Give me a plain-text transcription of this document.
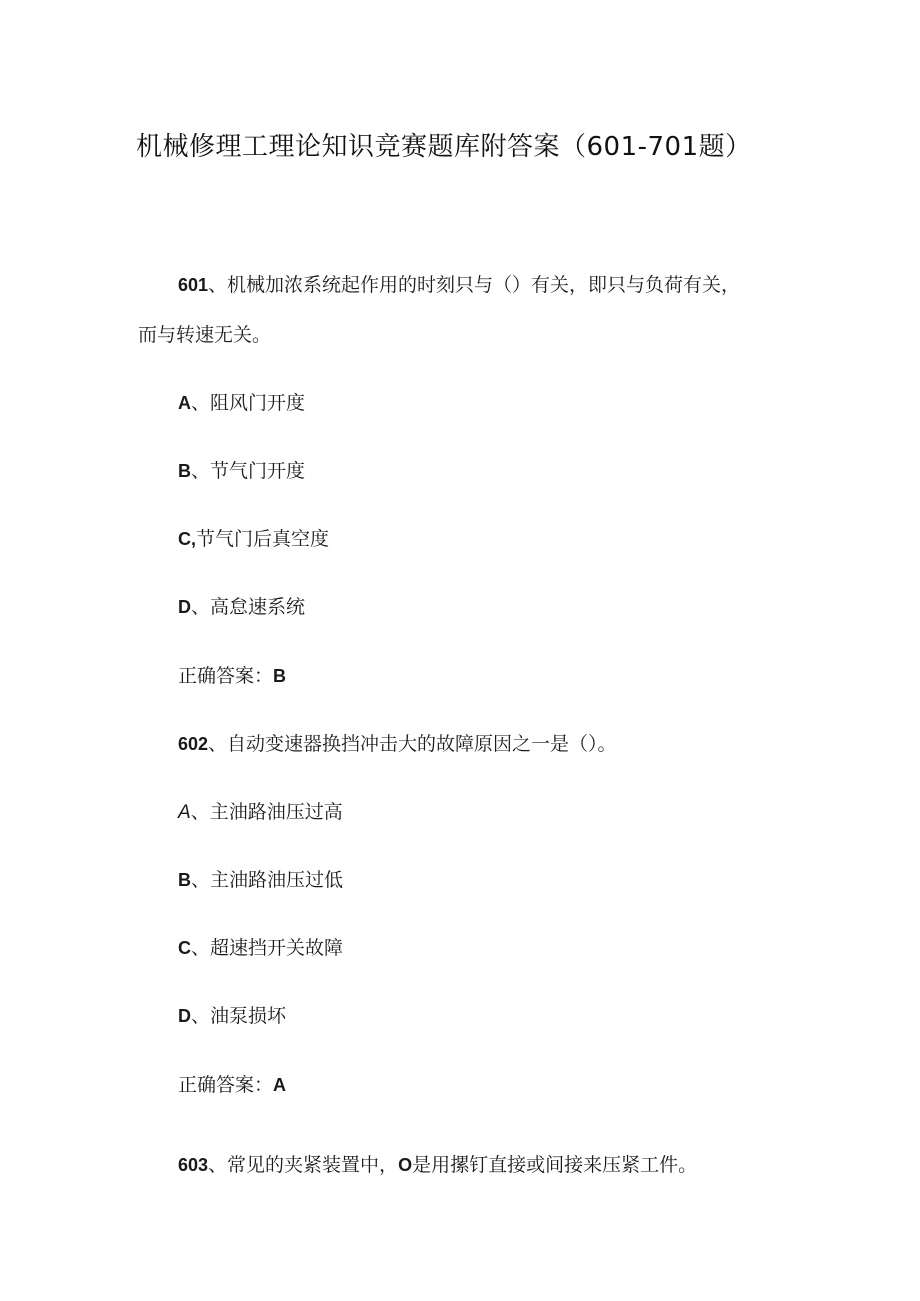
机械修理工理论知识竞赛题库附答案（601-701题）
601、机械加浓系统起作用的时刻只与（）有关，即只与负荷有关，
而与转速无关。
A、阻风门开度
B、节气门开度
C,节气门后真空度
D、高怠速系统
正确答案：B
602、自动变速器换挡冲击大的故障原因之一是（）。
A、主油路油压过高
B、主油路油压过低
C、超速挡开关故障
D、油泵损坏
正确答案：A
603、常见的夹紧装置中，O是用摞钉直接或间接来压紧工件。
